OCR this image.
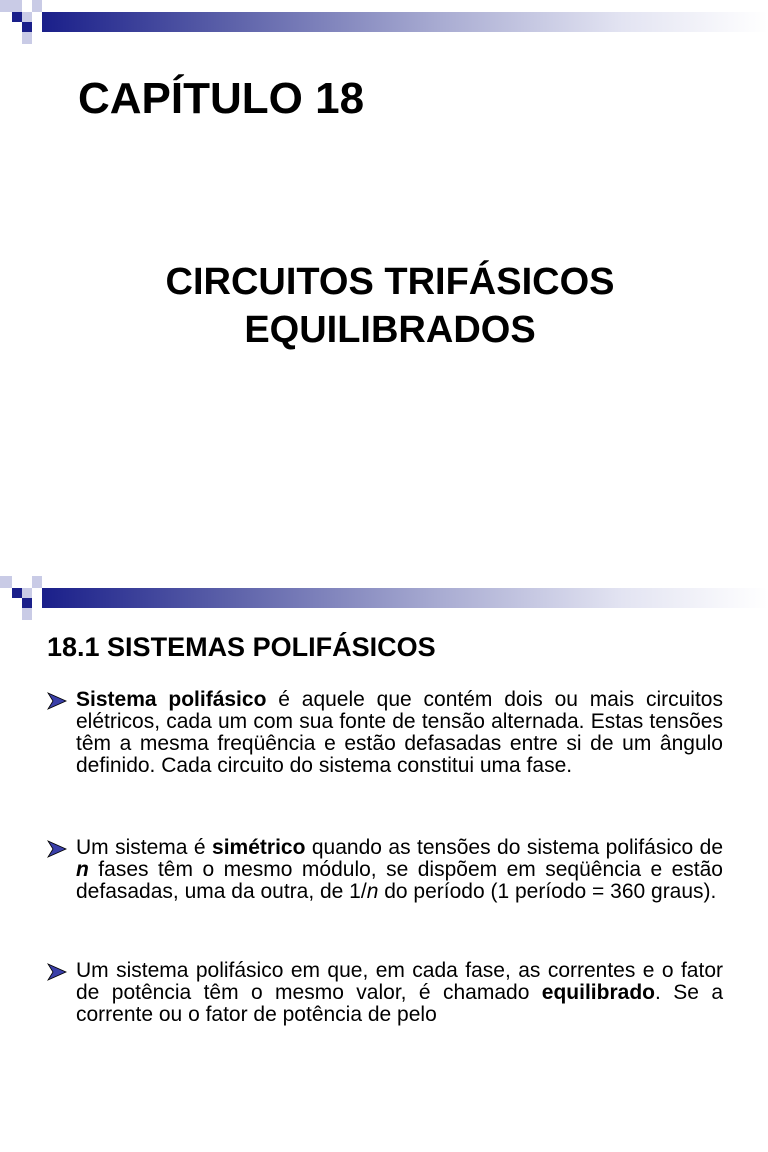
CAPÍTULO 18
CIRCUITOS TRIFÁSICOS
EQUILIBRADOS
18.1 SISTEMAS POLIFÁSICOS
Sistema polifásico é aquele que contém dois ou mais circuitos elétricos, cada um com sua fonte de tensão alternada. Estas tensões têm a mesma freqüência e estão defasadas entre si de um ângulo definido. Cada circuito do sistema constitui uma fase.
Um sistema é simétrico quando as tensões do sistema polifásico de n fases têm o mesmo módulo, se dispõem em seqüência e estão defasadas, uma da outra, de 1/n do período (1 período = 360 graus).
Um sistema polifásico em que, em cada fase, as correntes e o fator de potência têm o mesmo valor, é chamado equilibrado. Se a corrente ou o fator de potência de pelo
